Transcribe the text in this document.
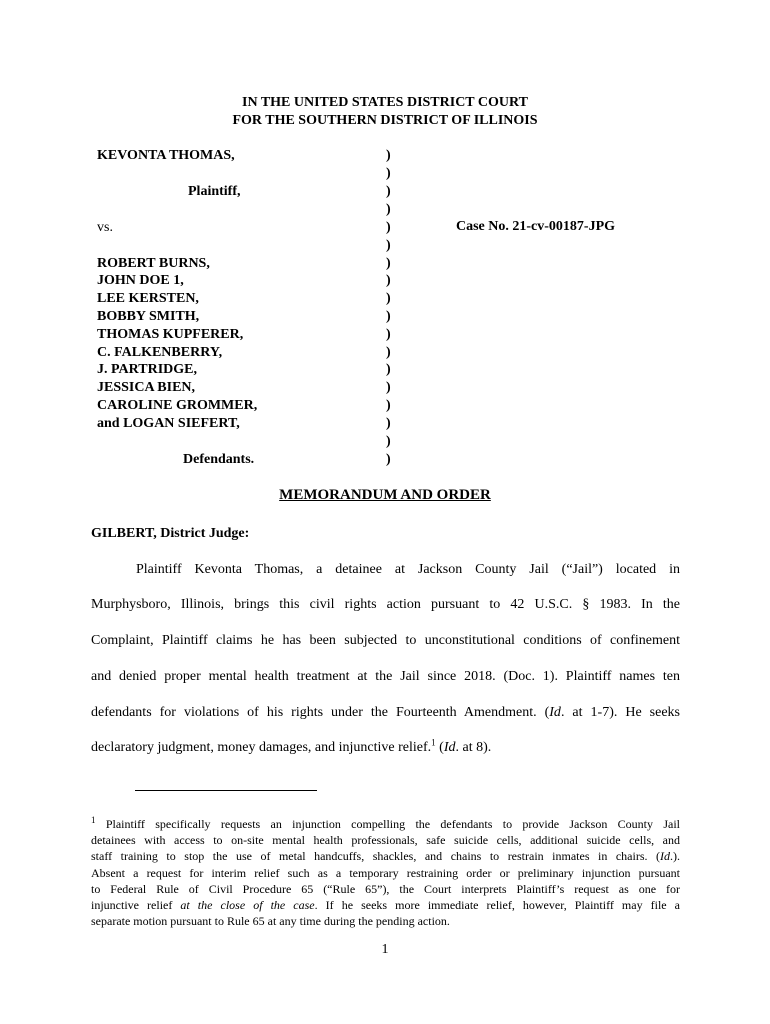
IN THE UNITED STATES DISTRICT COURT
FOR THE SOUTHERN DISTRICT OF ILLINOIS
KEVONTA THOMAS,
Plaintiff,
vs.
ROBERT BURNS,
JOHN DOE 1,
LEE KERSTEN,
BOBBY SMITH,
THOMAS KUPFERER,
C. FALKENBERRY,
J. PARTRIDGE,
JESSICA BIEN,
CAROLINE GROMMER,
and LOGAN SIEFERT,
Defendants.
)
)
)
)
)
)
)
)
)
)
)
)
)
)
)
)
)
)
Case No. 21-cv-00187-JPG
MEMORANDUM AND ORDER
GILBERT, District Judge:
Plaintiff Kevonta Thomas, a detainee at Jackson County Jail (“Jail”) located in
Murphysboro, Illinois, brings this civil rights action pursuant to 42 U.S.C. § 1983. In the
Complaint, Plaintiff claims he has been subjected to unconstitutional conditions of confinement
and denied proper mental health treatment at the Jail since 2018. (Doc. 1). Plaintiff names ten
defendants for violations of his rights under the Fourteenth Amendment. (Id. at 1-7). He seeks
declaratory judgment, money damages, and injunctive relief.$^1$ (Id. at 8).
$^1$ Plaintiff specifically requests an injunction compelling the defendants to provide Jackson County Jail
detainees with access to on-site mental health professionals, safe suicide cells, additional suicide cells, and
staff training to stop the use of metal handcuffs, shackles, and chains to restrain inmates in chairs. (Id.).
Absent a request for interim relief such as a temporary restraining order or preliminary injunction pursuant
to Federal Rule of Civil Procedure 65 (“Rule 65”), the Court interprets Plaintiff’s request as one for
injunctive relief at the close of the case. If he seeks more immediate relief, however, Plaintiff may file a
separate motion pursuant to Rule 65 at any time during the pending action.
1
